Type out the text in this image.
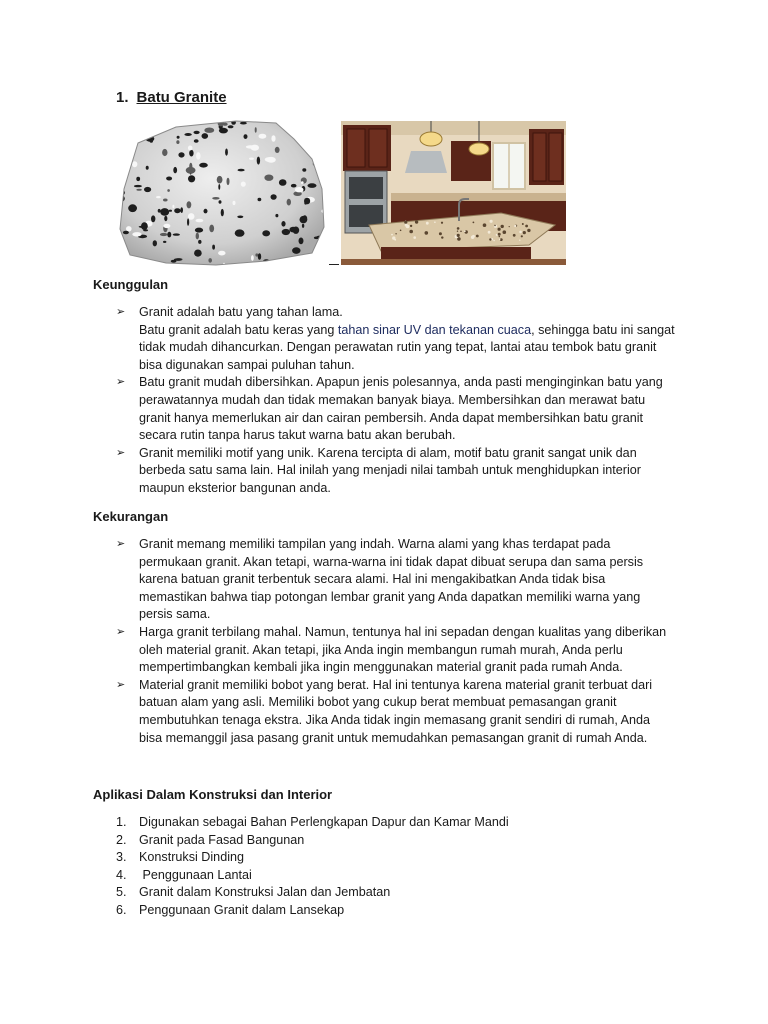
1. Batu Granite
Keunggulan
➢ Granit adalah batu yang tahan lama.

Batu granit adalah batu keras yang tahan sinar UV dan tekanan cuaca, sehingga batu ini sangat tidak mudah dihancurkan. Dengan perawatan rutin yang tepat, lantai atau tembok batu granit bisa digunakan sampai puluhan tahun.

➢ Batu granit mudah dibersihkan. Apapun jenis polesannya, anda pasti menginginkan batu yang perawatannya mudah dan tidak memakan banyak biaya. Membersihkan dan merawat batu granit hanya memerlukan air dan cairan pembersih. Anda dapat membersihkan batu granit secara rutin tanpa harus takut warna batu akan berubah.

➢ Granit memiliki motif yang unik. Karena tercipta di alam, motif batu granit sangat unik dan berbeda satu sama lain. Hal inilah yang menjadi nilai tambah untuk menghidupkan interior maupun eksterior bangunan anda.

Kekurangan
➢ Granit memang memiliki tampilan yang indah. Warna alami yang khas terdapat pada permukaan granit. Akan tetapi, warna-warna ini tidak dapat dibuat serupa dan sama persis karena batuan granit terbentuk secara alami. Hal ini mengakibatkan Anda tidak bisa memastikan bahwa tiap potongan lembar granit yang Anda dapatkan memiliki warna yang persis sama.

➢ Harga granit terbilang mahal. Namun, tentunya hal ini sepadan dengan kualitas yang diberikan oleh material granit. Akan tetapi, jika Anda ingin membangun rumah murah, Anda perlu mempertimbangkan kembali jika ingin menggunakan material granit pada rumah Anda.

➢ Material granit memiliki bobot yang berat. Hal ini tentunya karena material granit terbuat dari batuan alam yang asli. Memiliki bobot yang cukup berat membuat pemasangan granit membutuhkan tenaga ekstra. Jika Anda tidak ingin memasang granit sendiri di rumah, Anda bisa memanggil jasa pasang granit untuk memudahkan pemasangan granit di rumah Anda.

Aplikasi Dalam Konstruksi dan Interior
1. Digunakan sebagai Bahan Perlengkapan Dapur dan Kamar Mandi
2. Granit pada Fasad Bangunan
3. Konstruksi Dinding
4. Penggunaan Lantai
5. Granit dalam Konstruksi Jalan dan Jembatan
6. Penggunaan Granit dalam Lansekap
